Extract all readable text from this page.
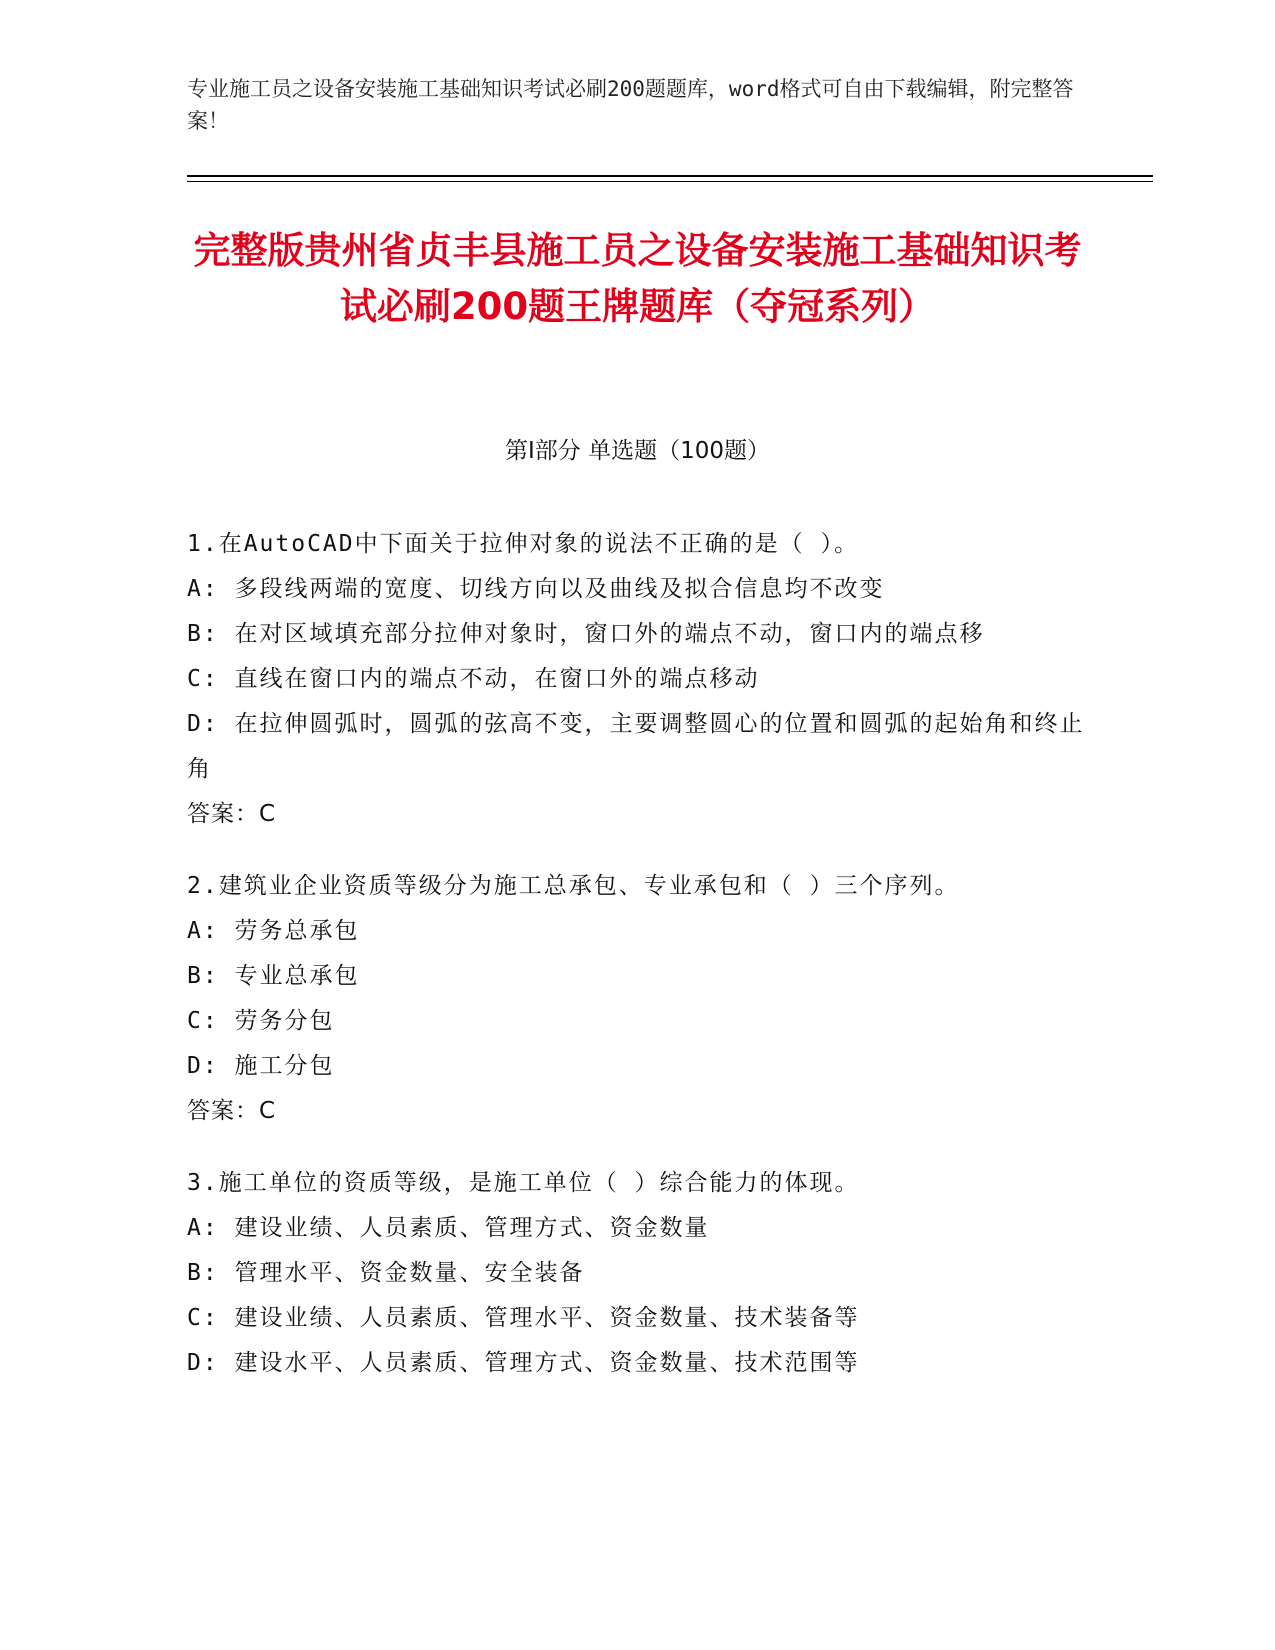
专业施工员之设备安装施工基础知识考试必刷200题题库，word格式可自由下载编辑，附完整答案！
完整版贵州省贞丰县施工员之设备安装施工基础知识考试必刷200题王牌题库（夺冠系列）
第Ⅰ部分 单选题（100题）

1.在AutoCAD中下面关于拉伸对象的说法不正确的是（ ）。

A: 多段线两端的宽度、切线方向以及曲线及拟合信息均不改变

B: 在对区域填充部分拉伸对象时，窗口外的端点不动，窗口内的端点移

C: 直线在窗口内的端点不动，在窗口外的端点移动

D: 在拉伸圆弧时，圆弧的弦高不变，主要调整圆心的位置和圆弧的起始角和终止角

答案：C

2.建筑业企业资质等级分为施工总承包、专业承包和（ ）三个序列。

A: 劳务总承包

B: 专业总承包

C: 劳务分包

D: 施工分包

答案：C

3.施工单位的资质等级，是施工单位（ ）综合能力的体现。

A: 建设业绩、人员素质、管理方式、资金数量

B: 管理水平、资金数量、安全装备

C: 建设业绩、人员素质、管理水平、资金数量、技术装备等

D: 建设水平、人员素质、管理方式、资金数量、技术范围等
